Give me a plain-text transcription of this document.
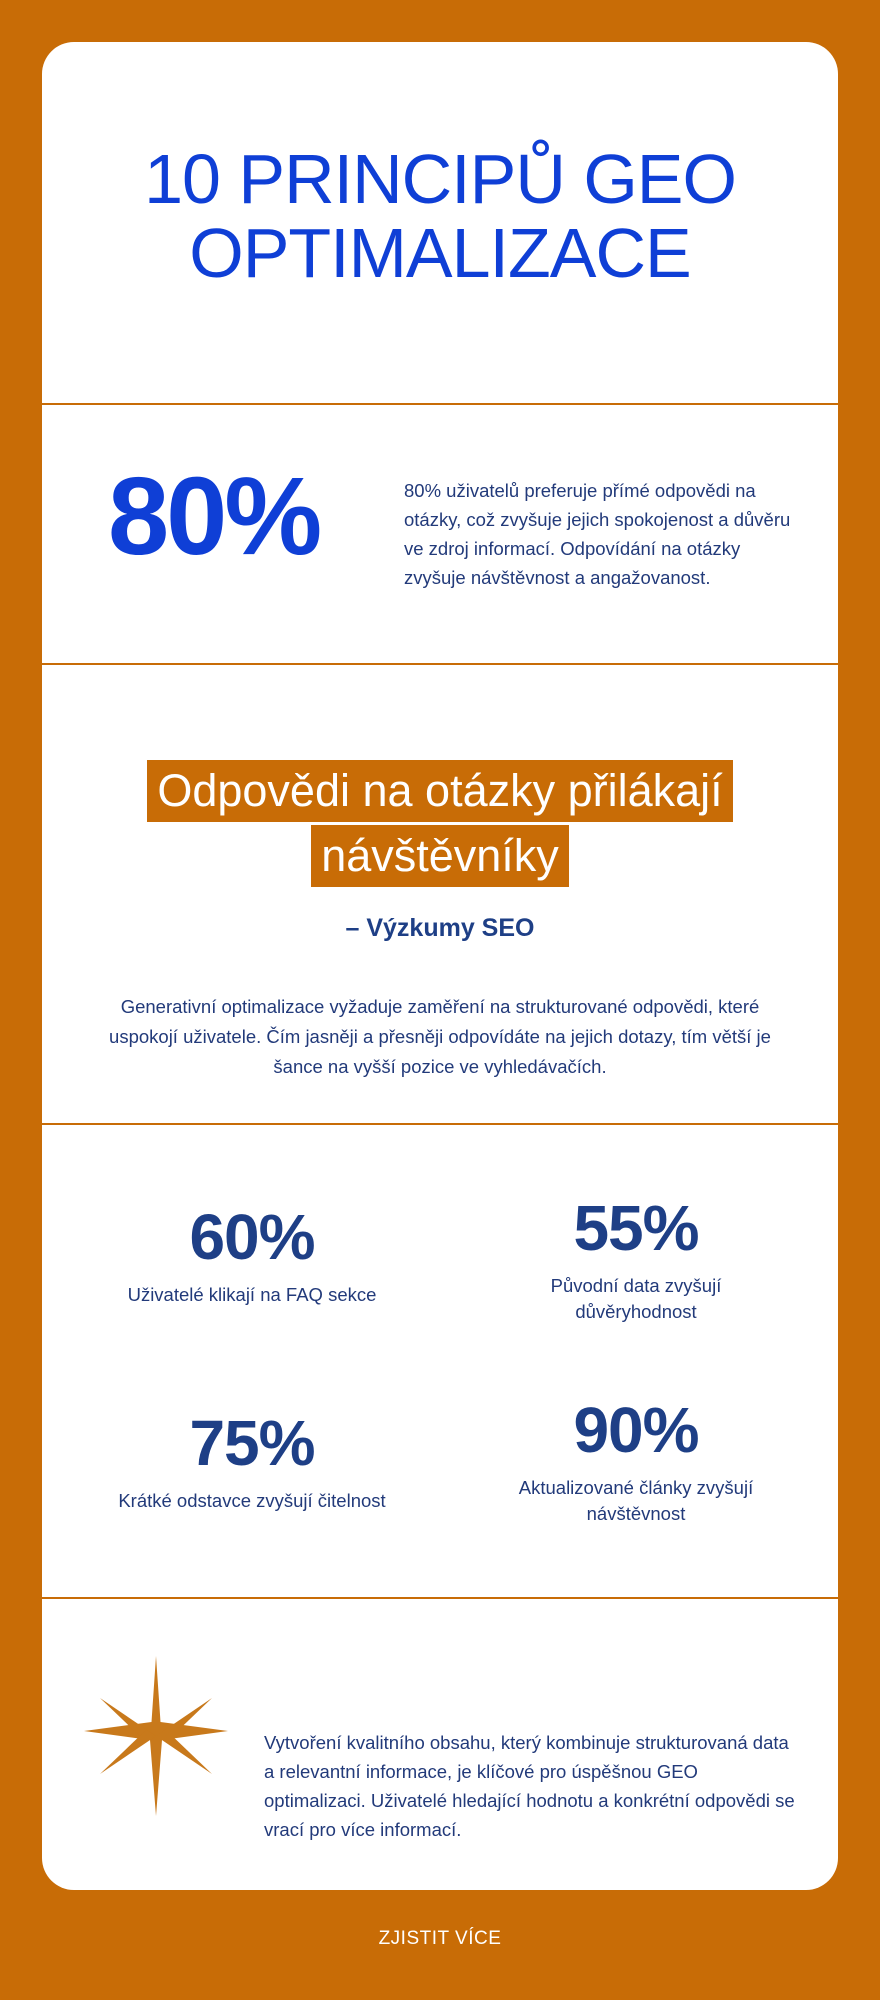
10 PRINCIPŮ GEO
OPTIMALIZACE
80%	80% uživatelů preferuje přímé odpovědi na otázky, což zvyšuje jejich spokojenost a důvěru ve zdroj informací. Odpovídání na otázky zvyšuje návštěvnost a angažovanost.
Odpovědi na otázky přilákají
návštěvníky
– Výzkumy SEO
Generativní optimalizace vyžaduje zaměření na strukturované odpovědi, které uspokojí uživatele. Čím jasněji a přesněji odpovídáte na jejich dotazy, tím větší je šance na vyšší pozice ve vyhledávačích.
60%
Uživatelé klikají na FAQ sekce
55%
Původní data zvyšují důvěryhodnost
75%
Krátké odstavce zvyšují čitelnost
90%
Aktualizované články zvyšují návštěvnost
Vytvoření kvalitního obsahu, který kombinuje strukturovaná data a relevantní informace, je klíčové pro úspěšnou GEO optimalizaci. Uživatelé hledající hodnotu a konkrétní odpovědi se vrací pro více informací.
ZJISTIT VÍCE
